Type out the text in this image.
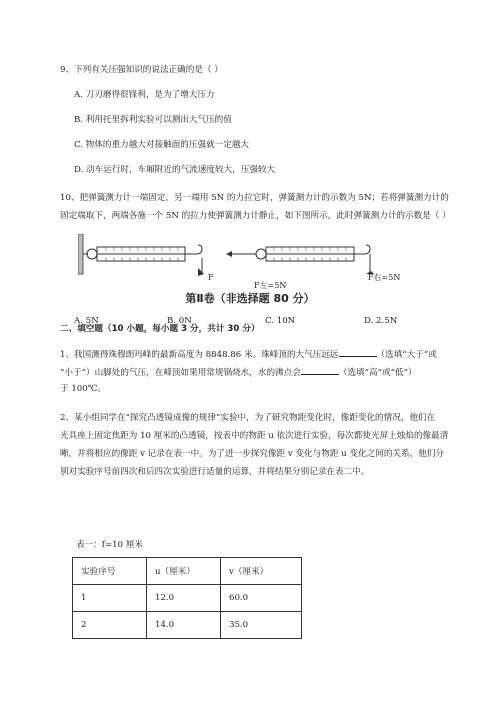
9、下列有关压强知识的说法正确的是（ ）
A. 刀刃磨得很锋利，是为了增大压力
B. 利用托里拆利实验可以测出大气压的值
C. 物体的重力越大对接触面的压强就一定越大
D. 动车运行时，车厢附近的气流速度较大，压强较大
10、把弹簧测力计一端固定，另一端用 5N 的力拉它时，弹簧测力计的示数为 5N；若将弹簧测力计的
固定端取下，两端各施一个 5N 的拉力使弹簧测力计静止，如下图所示，此时弹簧测力计的示数是（ ）
F
F左=5N
F右=5N
A. 5N	B. 0N	C. 10N	D. 2.5N
第Ⅱ卷（非选择题 80 分）
二、填空题（10 小题，每小题 3 分，共计 30 分）
1、我国测得珠穆朗玛峰的最新高度为 8848.86 米。珠峰顶的大气压远远	（选填“大于”或
“小于”）山脚处的气压，在峰顶如果用常规锅烧水，水的沸点会	（选填“高”或“低”）
于 100℃。
2、某小组同学在“探究凸透镜成像的规律”实验中，为了研究物距变化时，像距变化的情况，他们在
光具座上固定焦距为 10 厘米的凸透镜，按表中的物距 u 依次进行实验，每次都使光屏上烛焰的像最清
晰，并将相应的像距 v 记录在表一中。为了进一步探究像距 v 变化与物距 u 变化之间的关系，他们分
别对实验序号前四次和后四次实验进行适量的运算，并将结果分别记录在表二中。
表一：f=10 厘米
实验序号	u（厘米）	v（厘米）
1	12.0	60.0
2	14.0	35.0
